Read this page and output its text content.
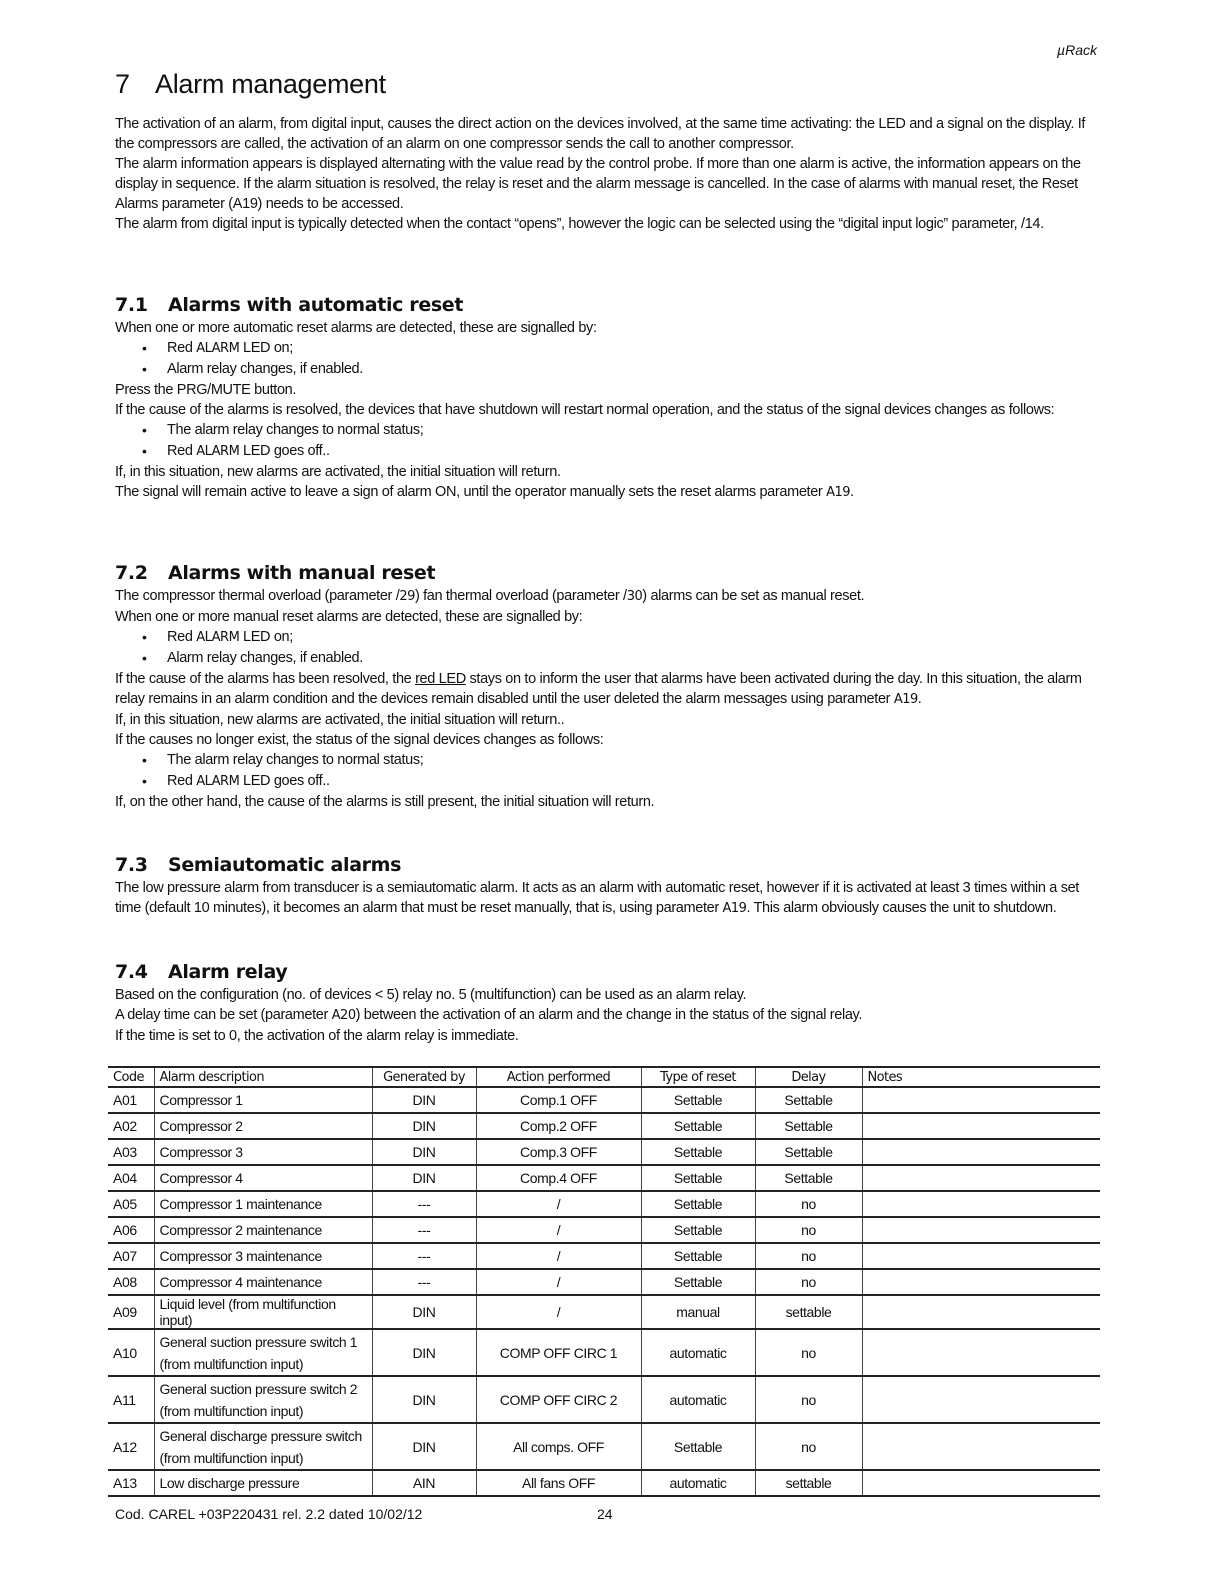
µRack
7 Alarm management

The activation of an alarm, from digital input, causes the direct action on the devices involved, at the same time activating: the LED and a signal on the display. If the compressors are called, the activation of an alarm on one compressor sends the call to another compressor.

The alarm information appears is displayed alternating with the value read by the control probe. If more than one alarm is active, the information appears on the display in sequence. If the alarm situation is resolved, the relay is reset and the alarm message is cancelled. In the case of alarms with manual reset, the Reset Alarms parameter (A19) needs to be accessed.

The alarm from digital input is typically detected when the contact “opens”, however the logic can be selected using the “digital input logic” parameter, /14.

7.1 Alarms with automatic reset

When one or more automatic reset alarms are detected, these are signalled by:

• Red ALARM LED on;
• Alarm relay changes, if enabled.

Press the PRG/MUTE button.

If the cause of the alarms is resolved, the devices that have shutdown will restart normal operation, and the status of the signal devices changes as follows:

• The alarm relay changes to normal status;
• Red ALARM LED goes off..

If, in this situation, new alarms are activated, the initial situation will return.

The signal will remain active to leave a sign of alarm ON, until the operator manually sets the reset alarms parameter A19.

7.2 Alarms with manual reset

The compressor thermal overload (parameter /29) fan thermal overload (parameter /30) alarms can be set as manual reset.

When one or more manual reset alarms are detected, these are signalled by:

• Red ALARM LED on;
• Alarm relay changes, if enabled.

If the cause of the alarms has been resolved, the red LED stays on to inform the user that alarms have been activated during the day. In this situation, the alarm relay remains in an alarm condition and the devices remain disabled until the user deleted the alarm messages using parameter A19.

If, in this situation, new alarms are activated, the initial situation will return..

If the causes no longer exist, the status of the signal devices changes as follows:

• The alarm relay changes to normal status;
• Red ALARM LED goes off..

If, on the other hand, the cause of the alarms is still present, the initial situation will return.

7.3 Semiautomatic alarms

The low pressure alarm from transducer is a semiautomatic alarm. It acts as an alarm with automatic reset, however if it is activated at least 3 times within a set time (default 10 minutes), it becomes an alarm that must be reset manually, that is, using parameter A19. This alarm obviously causes the unit to shutdown.

7.4 Alarm relay

Based on the configuration (no. of devices < 5) relay no. 5 (multifunction) can be used as an alarm relay.

A delay time can be set (parameter A20) between the activation of an alarm and the change in the status of the signal relay.

If the time is set to 0, the activation of the alarm relay is immediate.

Code	Alarm description	Generated by	Action performed	Type of reset	Delay	Notes
A01	Compressor 1	DIN	Comp.1 OFF	Settable	Settable	
A02	Compressor 2	DIN	Comp.2 OFF	Settable	Settable	
A03	Compressor 3	DIN	Comp.3 OFF	Settable	Settable	
A04	Compressor 4	DIN	Comp.4 OFF	Settable	Settable	
A05	Compressor 1 maintenance	---	/	Settable	no	
A06	Compressor 2 maintenance	---	/	Settable	no	
A07	Compressor 3 maintenance	---	/	Settable	no	
A08	Compressor 4 maintenance	---	/	Settable	no	
A09	Liquid level (from multifunction input)	DIN	/	manual	settable	
A10	General suction pressure switch 1 (from multifunction input)	DIN	COMP OFF CIRC 1	automatic	no	
A11	General suction pressure switch 2 (from multifunction input)	DIN	COMP OFF CIRC 2	automatic	no	
A12	General discharge pressure switch (from multifunction input)	DIN	All comps. OFF	Settable	no	
A13	Low discharge pressure	AIN	All fans OFF	automatic	settable	
Cod. CAREL +03P220431 rel. 2.2 dated 10/02/12	24
